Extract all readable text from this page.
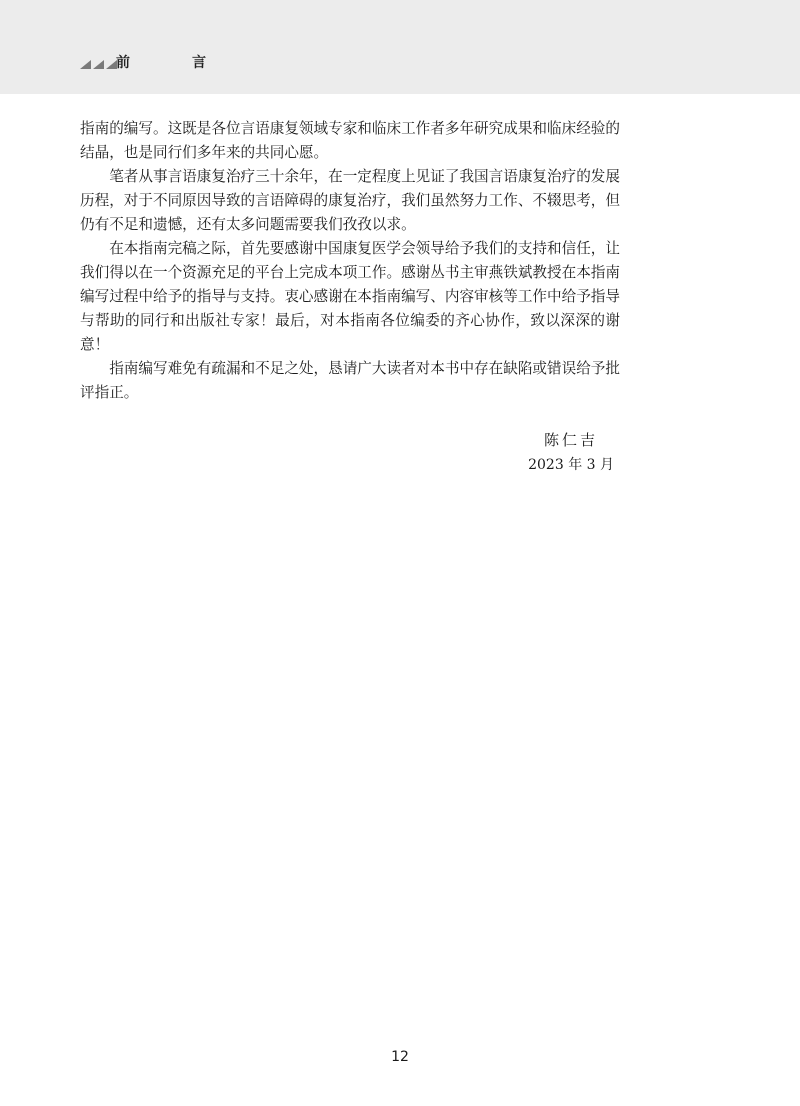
前　言

指南的编写。这既是各位言语康复领域专家和临床工作者多年研究成果和临床经验的结晶，也是同行们多年来的共同心愿。

笔者从事言语康复治疗三十余年，在一定程度上见证了我国言语康复治疗的发展历程，对于不同原因导致的言语障碍的康复治疗，我们虽然努力工作、不辍思考，但仍有不足和遗憾，还有太多问题需要我们孜孜以求。

在本指南完稿之际，首先要感谢中国康复医学会领导给予我们的支持和信任，让我们得以在一个资源充足的平台上完成本项工作。感谢丛书主审燕铁斌教授在本指南编写过程中给予的指导与支持。衷心感谢在本指南编写、内容审核等工作中给予指导与帮助的同行和出版社专家！最后，对本指南各位编委的齐心协作，致以深深的谢意！

指南编写难免有疏漏和不足之处，恳请广大读者对本书中存在缺陷或错误给予批评指正。

陈仁吉
2023 年 3 月
12
